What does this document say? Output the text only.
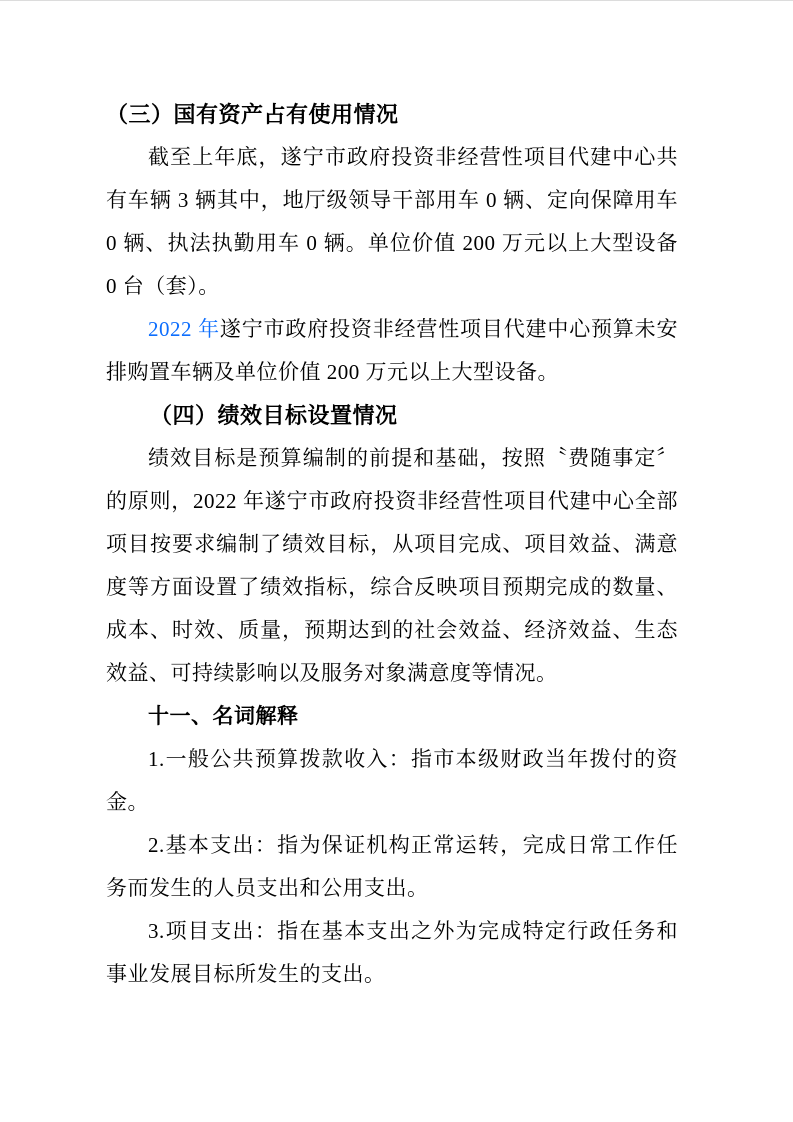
（三）国有资产占有使用情况

截至上年底，遂宁市政府投资非经营性项目代建中心共有车辆 3 辆其中，地厅级领导干部用车 0 辆、定向保障用车 0 辆、执法执勤用车 0 辆。单位价值 200 万元以上大型设备 0 台（套）。

2022 年遂宁市政府投资非经营性项目代建中心预算未安排购置车辆及单位价值 200 万元以上大型设备。

（四）绩效目标设置情况

绩效目标是预算编制的前提和基础，按照〝费随事定〞的原则，2022 年遂宁市政府投资非经营性项目代建中心全部项目按要求编制了绩效目标，从项目完成、项目效益、满意度等方面设置了绩效指标，综合反映项目预期完成的数量、成本、时效、质量，预期达到的社会效益、经济效益、生态效益、可持续影响以及服务对象满意度等情况。

十一、名词解释

1.一般公共预算拨款收入：指市本级财政当年拨付的资金。

2.基本支出：指为保证机构正常运转，完成日常工作任务而发生的人员支出和公用支出。

3.项目支出：指在基本支出之外为完成特定行政任务和事业发展目标所发生的支出。
